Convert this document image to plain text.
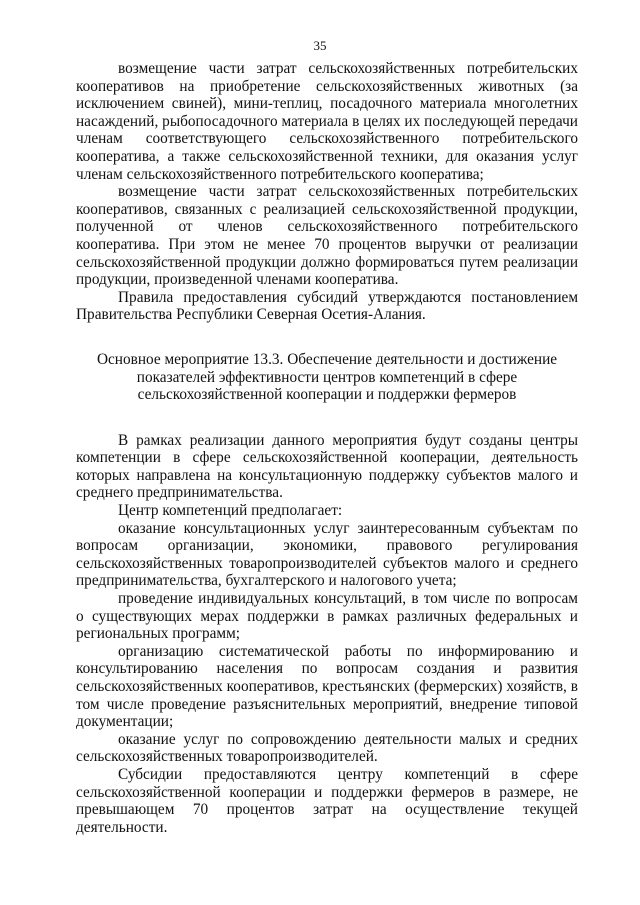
35

возмещение части затрат сельскохозяйственных потребительских кооперативов на приобретение сельскохозяйственных животных (за исключением свиней), мини-теплиц, посадочного материала многолетних насаждений, рыбопосадочного материала в целях их последующей передачи членам соответствующего сельскохозяйственного потребительского кооператива, а также сельскохозяйственной техники, для оказания услуг членам сельскохозяйственного потребительского кооператива;

возмещение части затрат сельскохозяйственных потребительских кооперативов, связанных с реализацией сельскохозяйственной продукции, полученной от членов сельскохозяйственного потребительского кооператива. При этом не менее 70 процентов выручки от реализации сельскохозяйственной продукции должно формироваться путем реализации продукции, произведенной членами кооператива.

Правила предоставления субсидий утверждаются постановлением Правительства Республики Северная Осетия-Алания.

Основное мероприятие 13.3. Обеспечение деятельности и достижение
показателей эффективности центров компетенций в сфере сельскохозяйственной кооперации и поддержки фермеров

В рамках реализации данного мероприятия будут созданы центры компетенции в сфере сельскохозяйственной кооперации, деятельность которых направлена на консультационную поддержку субъектов малого и среднего предпринимательства.

Центр компетенций предполагает:

оказание консультационных услуг заинтересованным субъектам по вопросам организации, экономики, правового регулирования сельскохозяйственных товаропроизводителей субъектов малого и среднего предпринимательства, бухгалтерского и налогового учета;

проведение индивидуальных консультаций, в том числе по вопросам о существующих мерах поддержки в рамках различных федеральных и региональных программ;

организацию систематической работы по информированию и консультированию населения по вопросам создания и развития сельскохозяйственных кооперативов, крестьянских (фермерских) хозяйств, в том числе проведение разъяснительных мероприятий, внедрение типовой документации;

оказание услуг по сопровождению деятельности малых и средних сельскохозяйственных товаропроизводителей.

Субсидии предоставляются центру компетенций в сфере сельскохозяйственной кооперации и поддержки фермеров в размере, не превышающем 70 процентов затрат на осуществление текущей деятельности.
